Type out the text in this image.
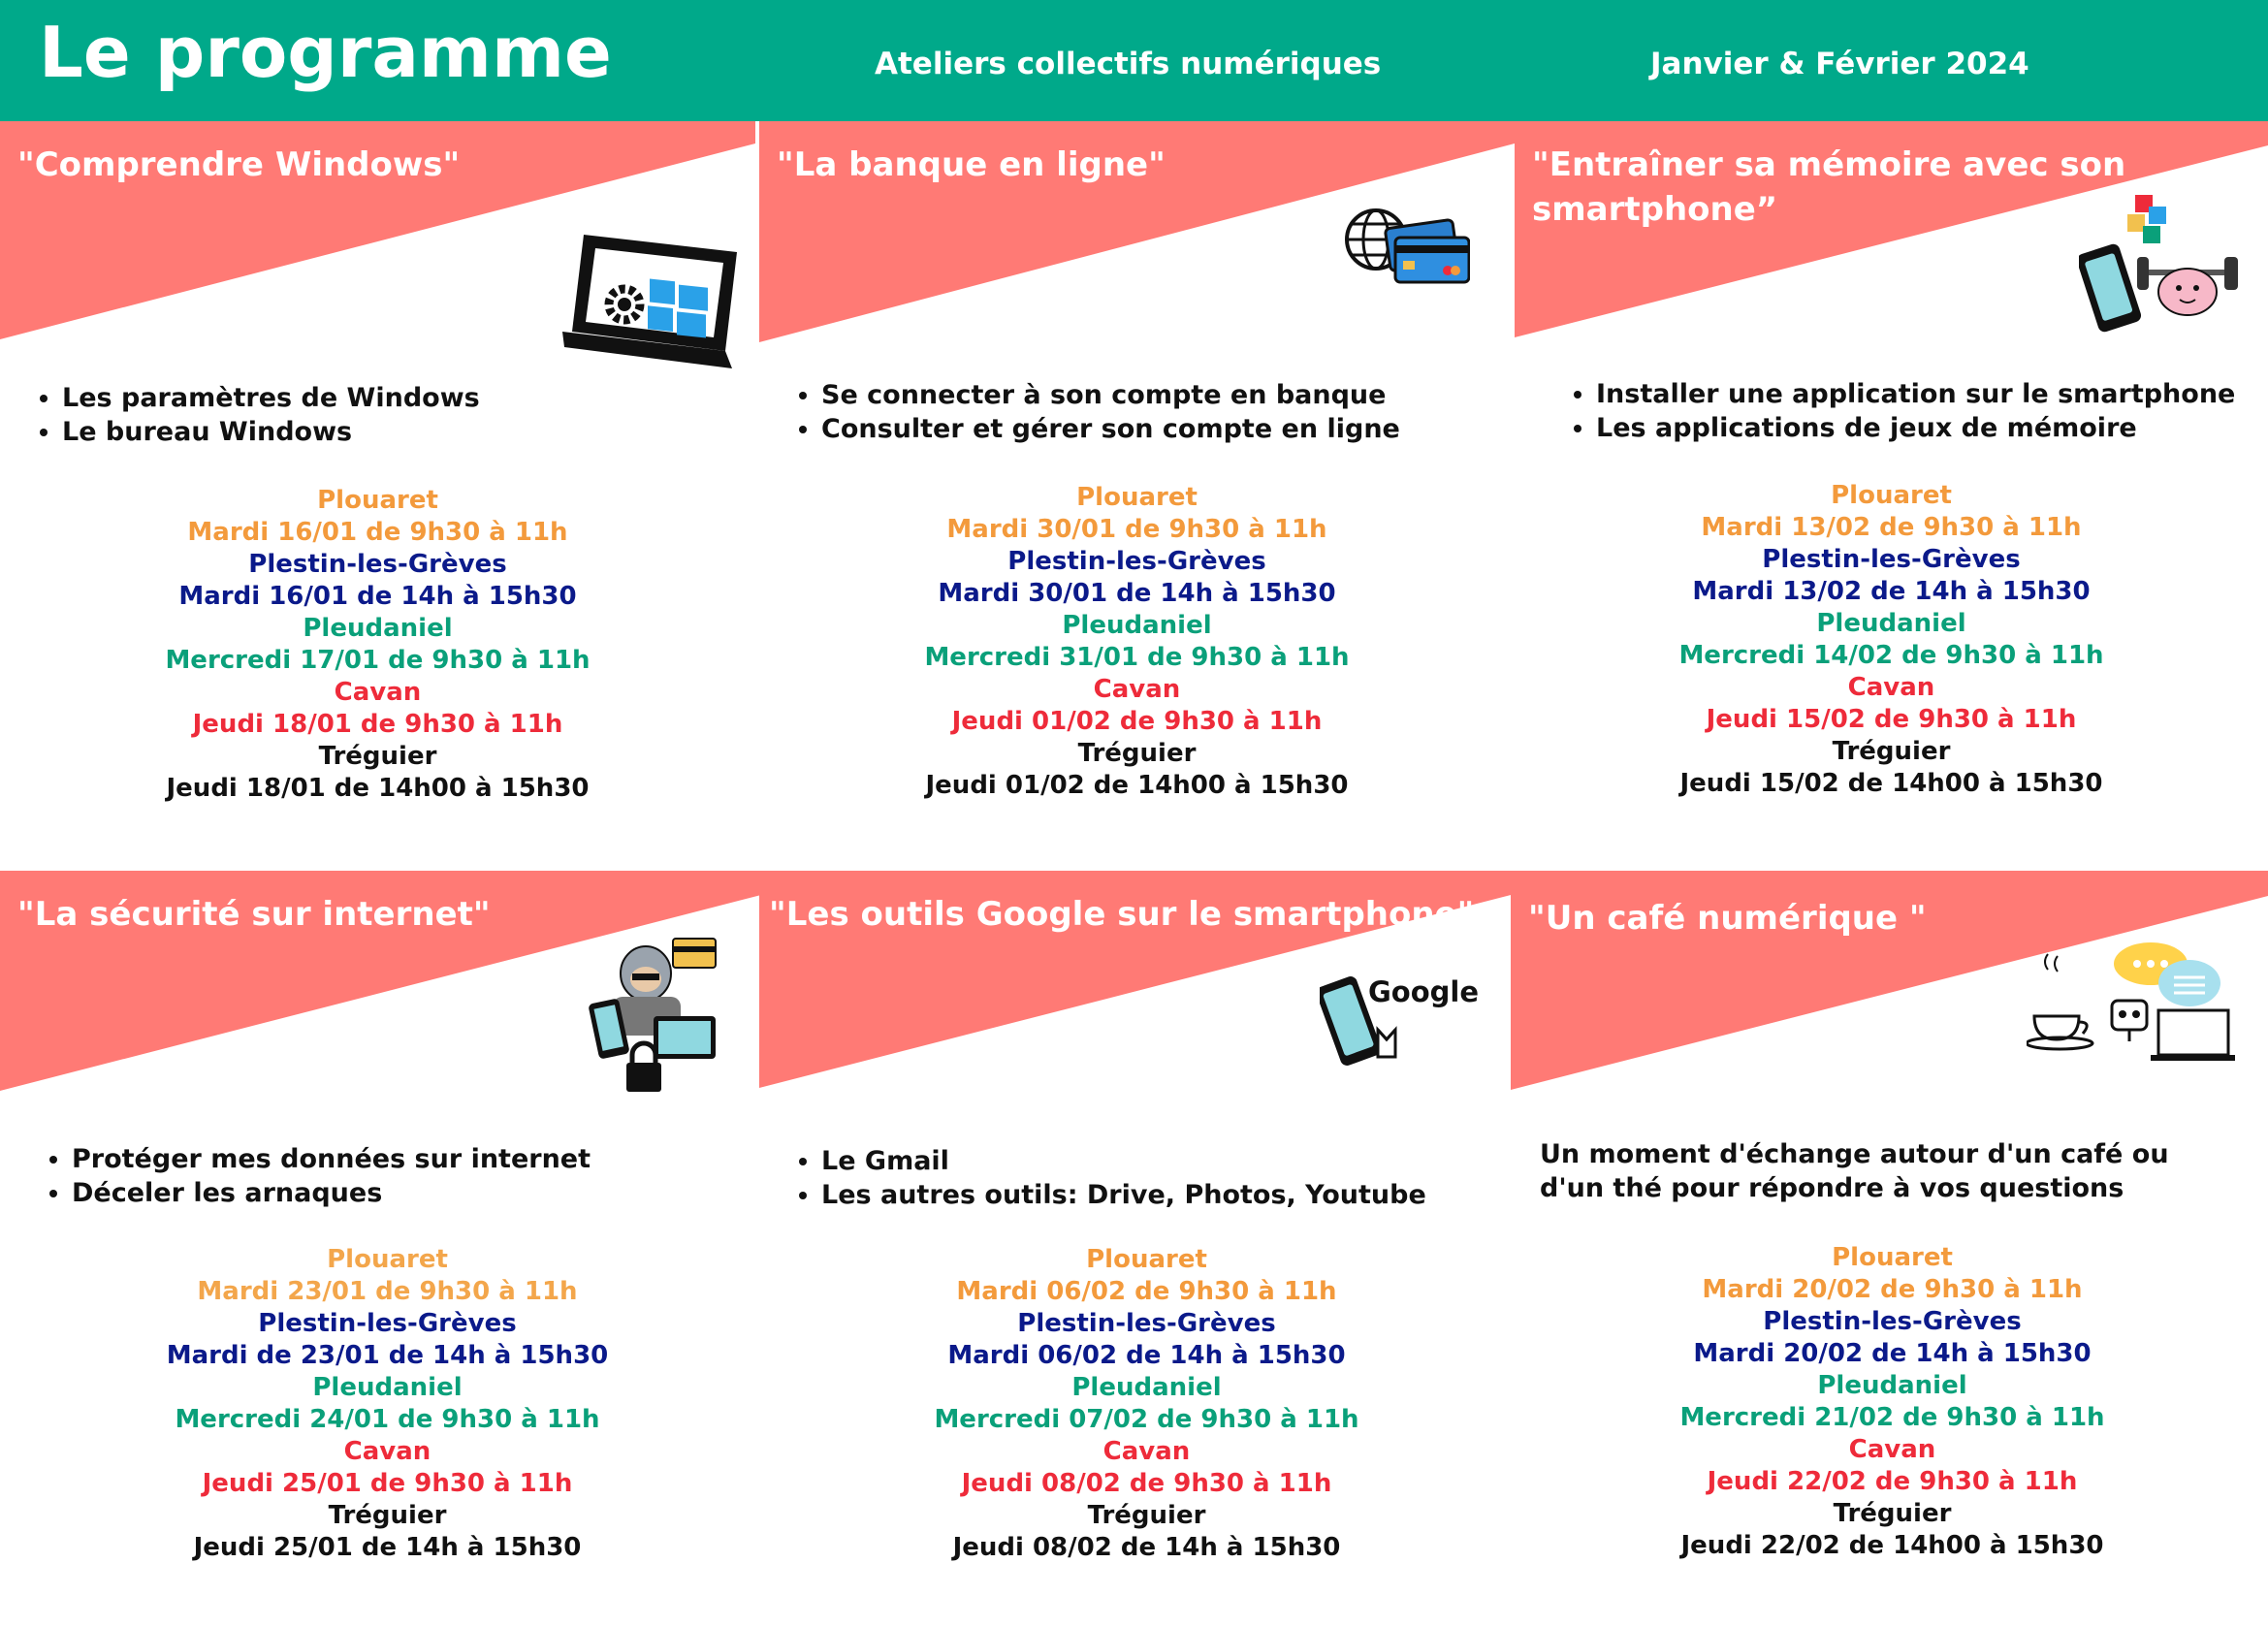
Le programme	Ateliers collectifs numériques	Janvier & Février 2024
"Comprendre Windows"
• Les paramètres de Windows
• Le bureau Windows
Plouaret
Mardi 16/01 de 9h30 à 11h
Plestin-les-Grèves
Mardi 16/01 de 14h à 15h30
Pleudaniel
Mercredi 17/01 de 9h30 à 11h
Cavan
Jeudi 18/01 de 9h30 à 11h
Tréguier
Jeudi 18/01 de 14h00 à 15h30
"La banque en ligne"
• Se connecter à son compte en banque
• Consulter et gérer son compte en ligne
Plouaret
Mardi 30/01 de 9h30 à 11h
Plestin-les-Grèves
Mardi 30/01 de 14h à 15h30
Pleudaniel
Mercredi 31/01 de 9h30 à 11h
Cavan
Jeudi 01/02 de 9h30 à 11h
Tréguier
Jeudi 01/02 de 14h00 à 15h30
"Entraîner sa mémoire avec son smartphone”
• Installer une application sur le smartphone
• Les applications de jeux de mémoire
Plouaret
Mardi 13/02 de 9h30 à 11h
Plestin-les-Grèves
Mardi 13/02 de 14h à 15h30
Pleudaniel
Mercredi 14/02 de 9h30 à 11h
Cavan
Jeudi 15/02 de 9h30 à 11h
Tréguier
Jeudi 15/02 de 14h00 à 15h30
"La sécurité sur internet"
• Protéger mes données sur internet
• Déceler les arnaques
Plouaret
Mardi 23/01 de 9h30 à 11h
Plestin-les-Grèves
Mardi de 23/01 de 14h à 15h30
Pleudaniel
Mercredi 24/01 de 9h30 à 11h
Cavan
Jeudi 25/01 de 9h30 à 11h
Tréguier
Jeudi 25/01 de 14h à 15h30
"Les outils Google sur le smartphone"
Google
• Le Gmail
• Les autres outils: Drive, Photos, Youtube
Plouaret
Mardi 06/02 de 9h30 à 11h
Plestin-les-Grèves
Mardi 06/02 de 14h à 15h30
Pleudaniel
Mercredi 07/02 de 9h30 à 11h
Cavan
Jeudi 08/02 de 9h30 à 11h
Tréguier
Jeudi 08/02 de 14h à 15h30
"Un café numérique "
Un moment d'échange autour d'un café ou d'un thé pour répondre à vos questions
Plouaret
Mardi 20/02 de 9h30 à 11h
Plestin-les-Grèves
Mardi 20/02 de 14h à 15h30
Pleudaniel
Mercredi 21/02 de 9h30 à 11h
Cavan
Jeudi 22/02 de 9h30 à 11h
Tréguier
Jeudi 22/02 de 14h00 à 15h30
